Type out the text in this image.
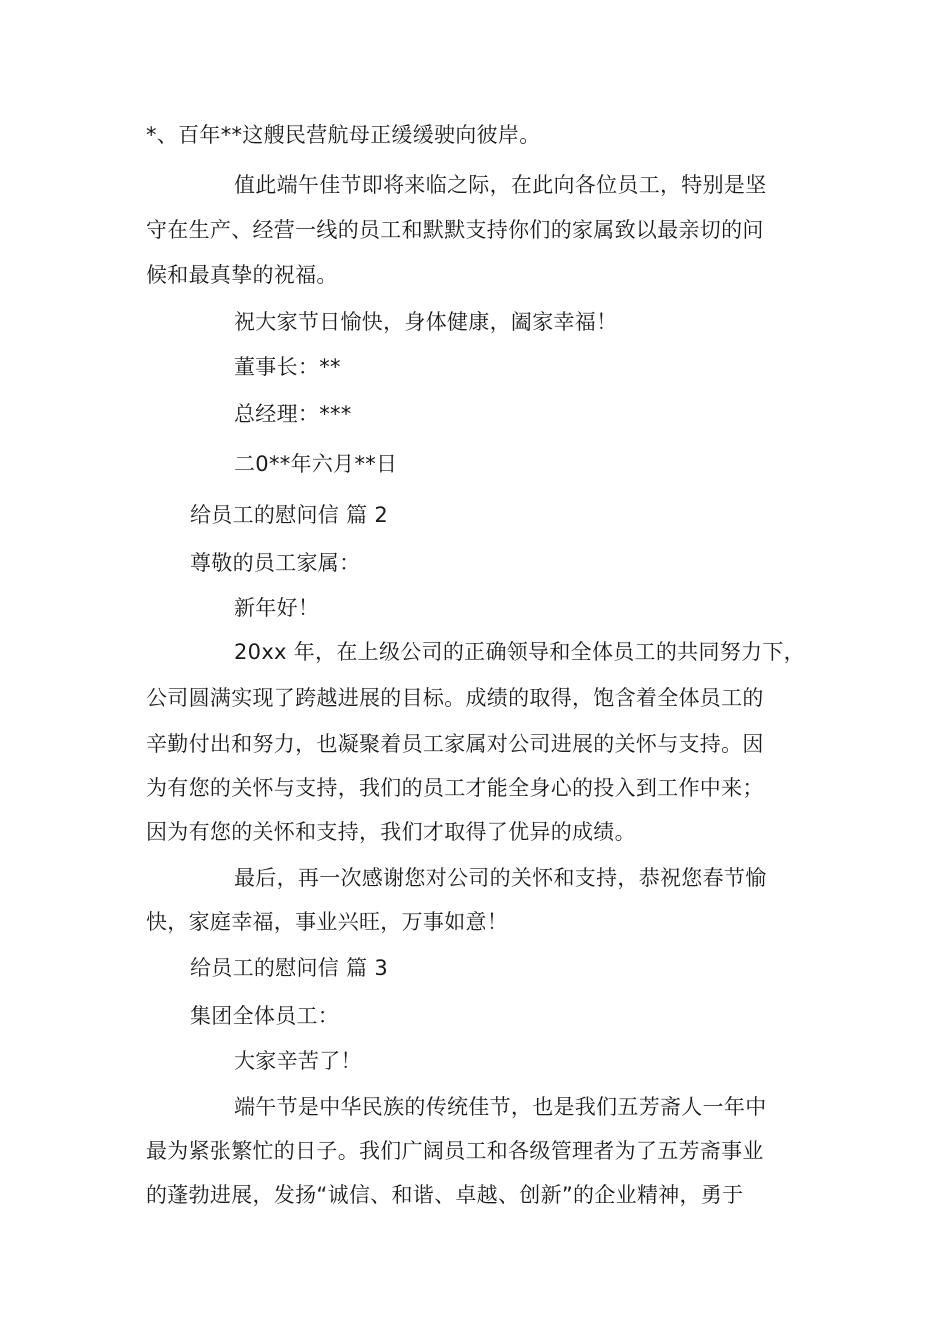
*、百年**这艘民营航母正缓缓驶向彼岸。
值此端午佳节即将来临之际，在此向各位员工，特别是坚
守在生产、经营一线的员工和默默支持你们的家属致以最亲切的问
候和最真挚的祝福。
祝大家节日愉快，身体健康，阖家幸福！
董事长：**
总经理：***
二0**年六月**日
给员工的慰问信 篇 2
尊敬的员工家属：
新年好！
20xx 年，在上级公司的正确领导和全体员工的共同努力下，
公司圆满实现了跨越进展的目标。成绩的取得，饱含着全体员工的
辛勤付出和努力，也凝聚着员工家属对公司进展的关怀与支持。因
为有您的关怀与支持，我们的员工才能全身心的投入到工作中来；
因为有您的关怀和支持，我们才取得了优异的成绩。
最后，再一次感谢您对公司的关怀和支持，恭祝您春节愉
快，家庭幸福，事业兴旺，万事如意！
给员工的慰问信 篇 3
集团全体员工：
大家辛苦了！
端午节是中华民族的传统佳节，也是我们五芳斋人一年中
最为紧张繁忙的日子。我们广阔员工和各级管理者为了五芳斋事业
的蓬勃进展，发扬“诚信、和谐、卓越、创新”的企业精神，勇于
